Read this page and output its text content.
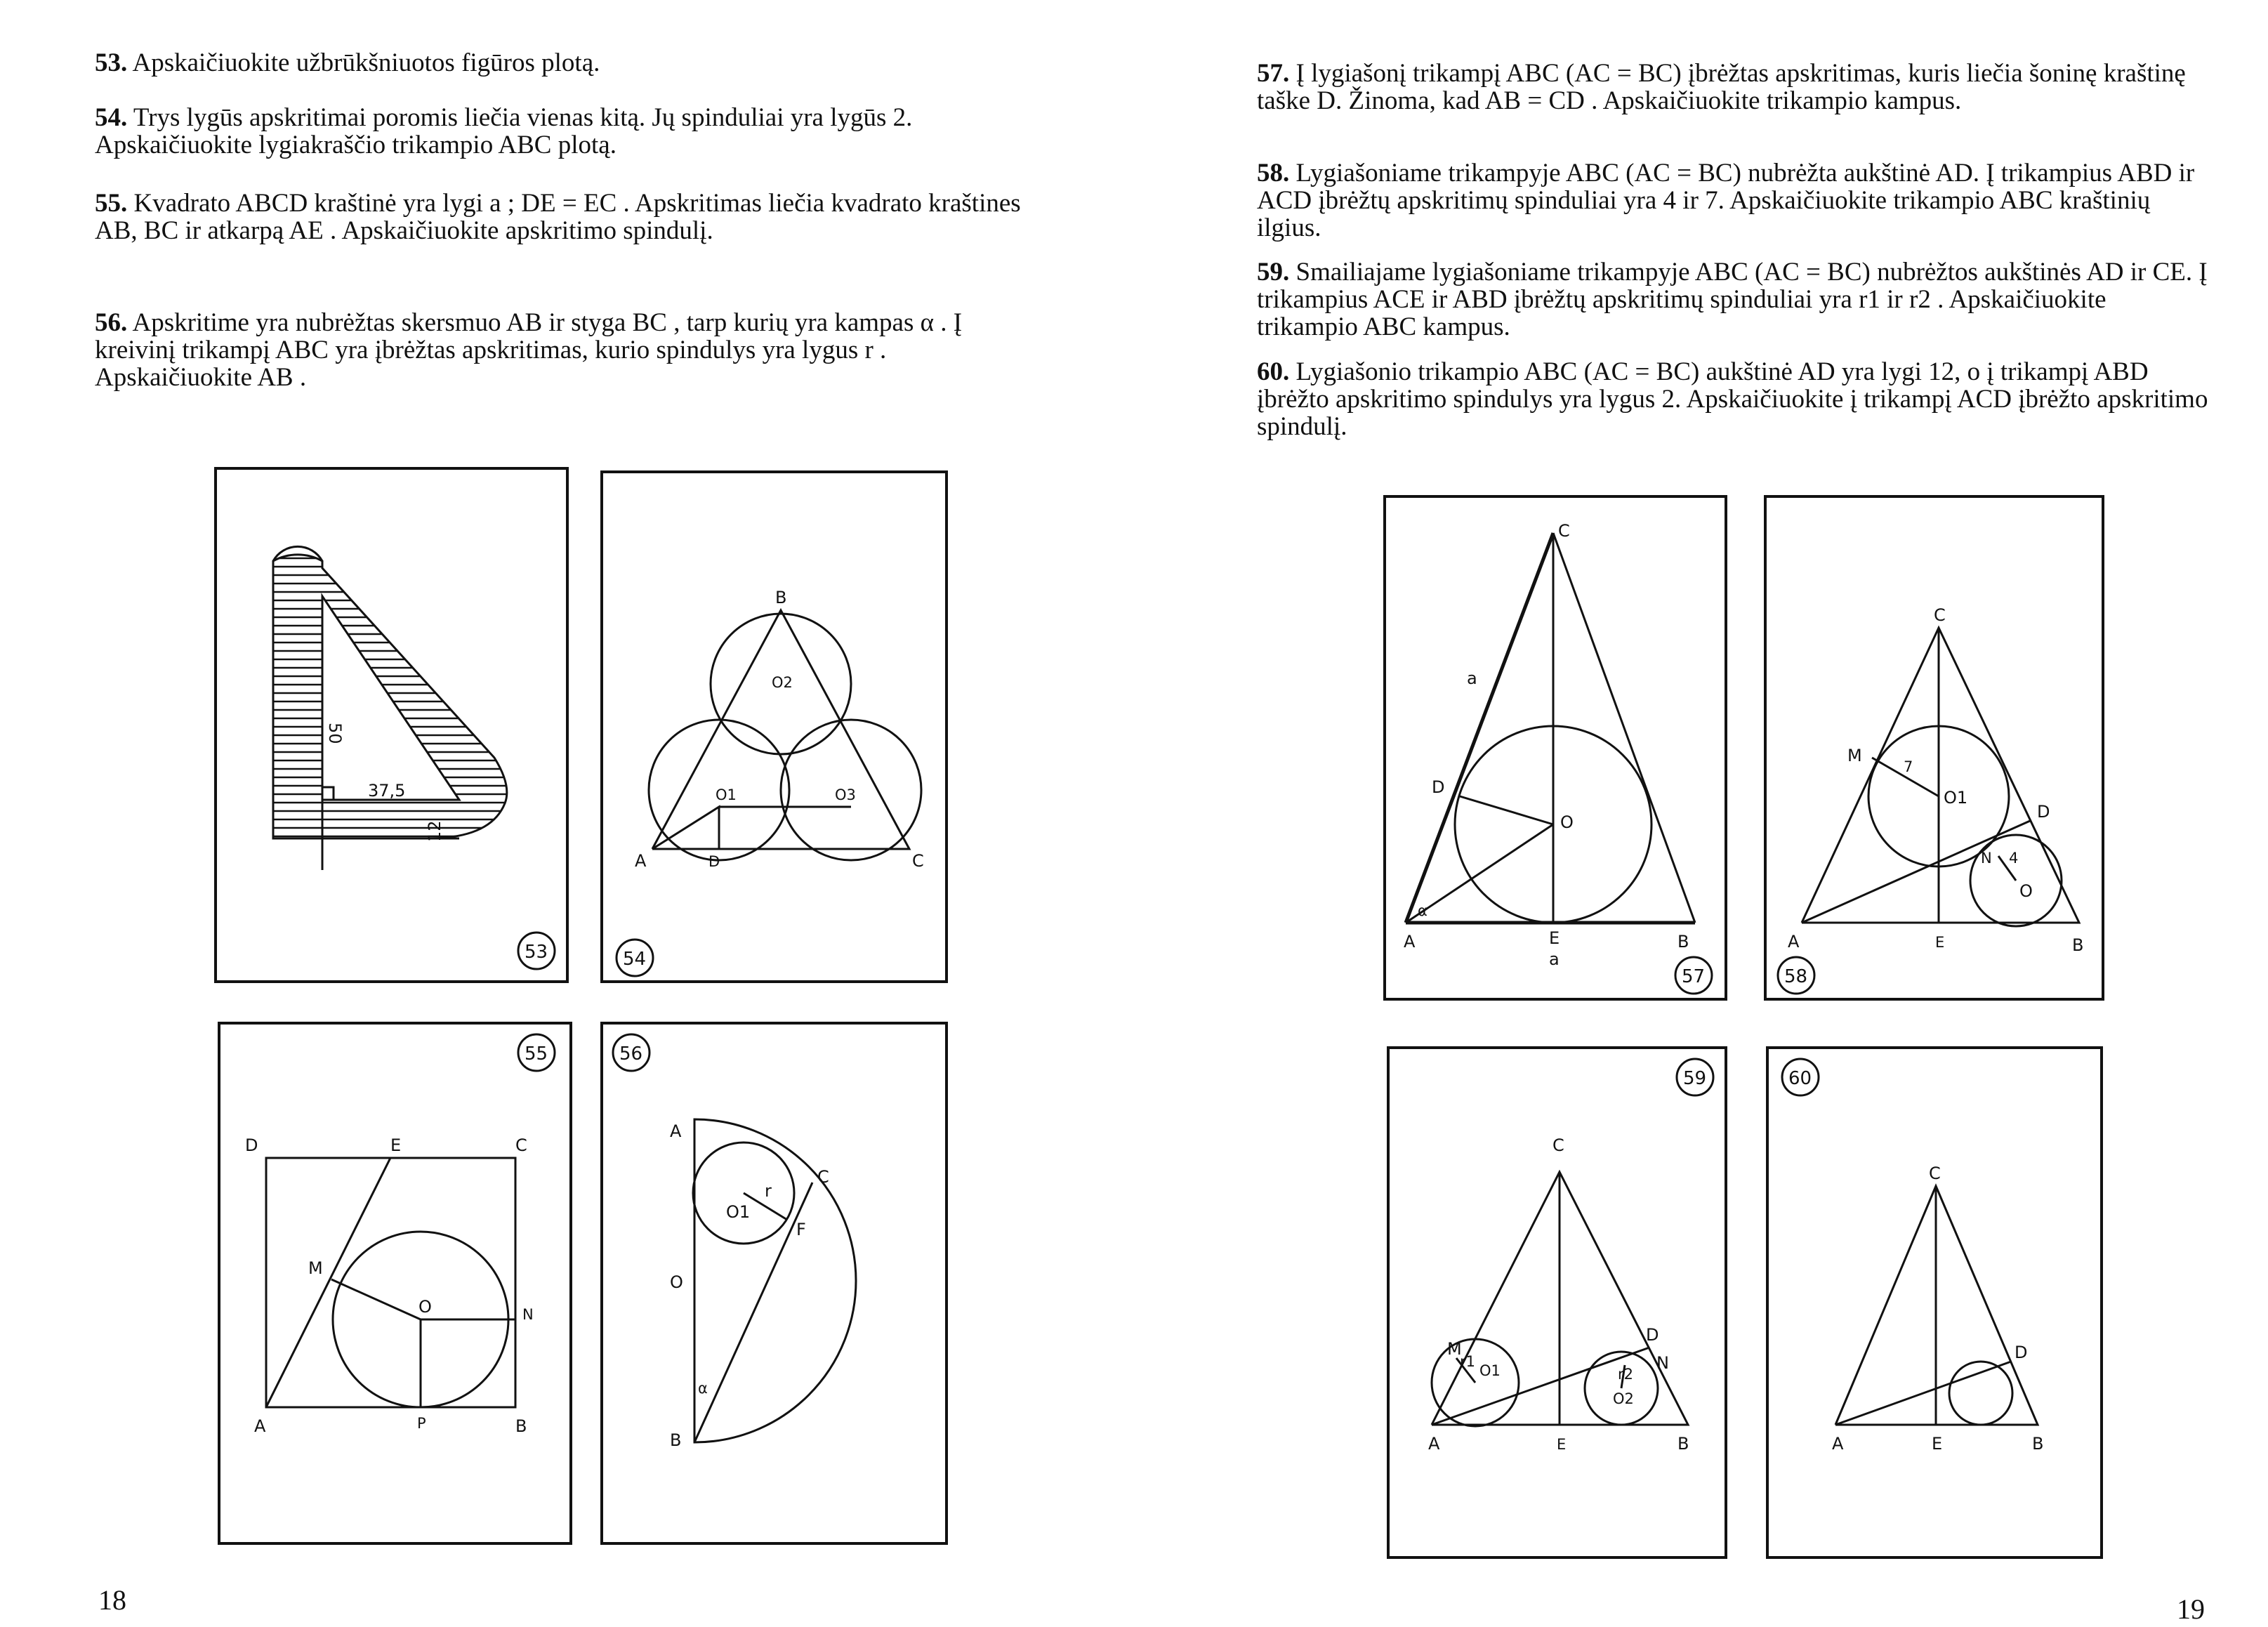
53. Apskaičiuokite užbrūkšniuotos figūros plotą.
54. Trys lygūs apskritimai poromis liečia vienas kitą. Jų spinduliai yra lygūs 2. Apskaičiuokite lygiakraščio trikampio ABC plotą.
55. Kvadrato ABCD kraštinė yra lygi a ; DE = EC . Apskritimas liečia kvadrato kraštines AB, BC ir atkarpą AE . Apskaičiuokite apskritimo spindulį.
56. Apskritime yra nubrėžtas skersmuo AB ir styga BC , tarp kurių yra kampas α . Į kreivinį trikampį ABC yra įbrėžtas apskritimas, kurio spindulys yra lygus r . Apskaičiuokite AB .
57. Į lygiašonį trikampį ABC (AC = BC) įbrėžtas apskritimas, kuris liečia šoninę kraštinę taške D. Žinoma, kad AB = CD . Apskaičiuokite trikampio kampus.
58. Lygiašoniame trikampyje ABC (AC = BC) nubrėžta aukštinė AD. Į trikampius ABD ir ACD įbrėžtų apskritimų spinduliai yra 4 ir 7. Apskaičiuokite trikampio ABC kraštinių ilgius.
59. Smailiajame lygiašoniame trikampyje ABC (AC = BC) nubrėžtos aukštinės AD ir CE. Į trikampius ACE ir ABD įbrėžtų apskritimų spinduliai yra r1 ir r2 . Apskaičiuokite trikampio ABC kampus.
60. Lygiašonio trikampio ABC (AC = BC) aukštinė AD yra lygi 12, o į trikampį ABD įbrėžto apskritimo spindulys yra lygus 2. Apskaičiuokite į trikampį ACD įbrėžto apskritimo spindulį.
50
37,5
12
53
B
O2
O1	O3
A	D	C
54
D	E	C
M
O	N
A	P	B
55
A
C
O1
r
F
O
α
B
56
C
a
D
O
α
A	E
a
B
57
C
M
7
O1
D
N 4
O
A	E	B
58
C
D
M
r1
O1	r2
N
O2
A	E	B
59
C
D
A	E	B
60
18	19
